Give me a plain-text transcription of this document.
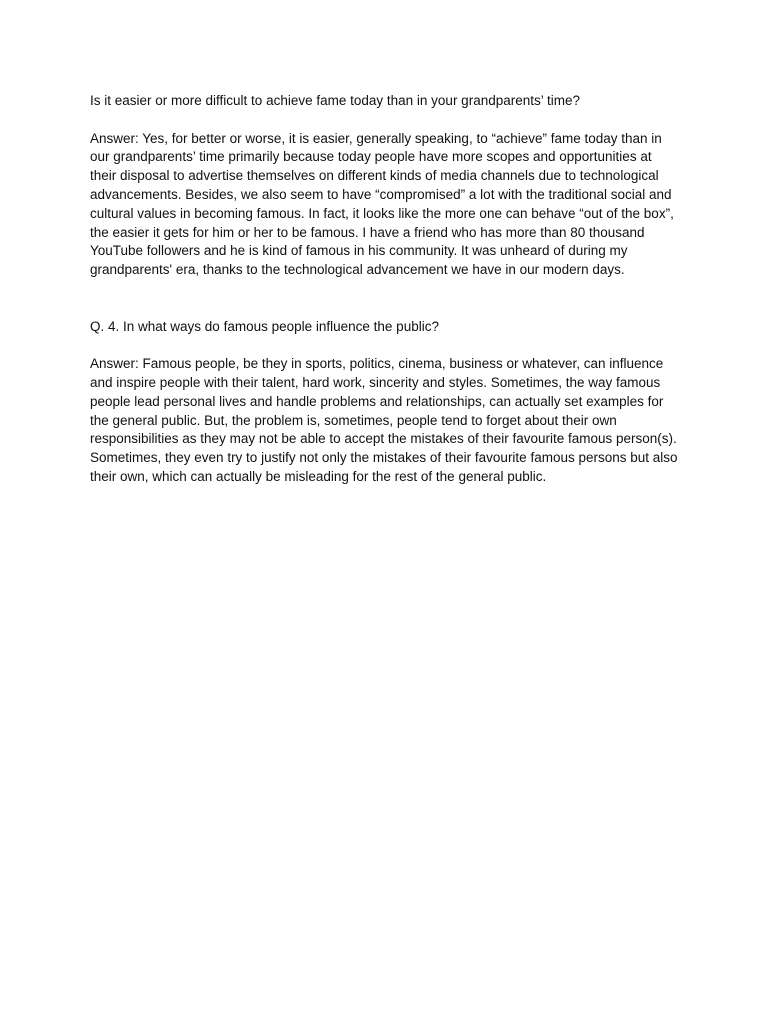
Is it easier or more difficult to achieve fame today than in your grandparents’ time?

Answer: Yes, for better or worse, it is easier, generally speaking, to “achieve” fame today than in our grandparents’ time primarily because today people have more scopes and opportunities at their disposal to advertise themselves on different kinds of media channels due to technological advancements. Besides, we also seem to have “compromised” a lot with the traditional social and cultural values in becoming famous. In fact, it looks like the more one can behave “out of the box”, the easier it gets for him or her to be famous. I have a friend who has more than 80 thousand YouTube followers and he is kind of famous in his community. It was unheard of during my grandparents' era, thanks to the technological advancement we have in our modern days.

Q. 4. In what ways do famous people influence the public?

Answer: Famous people, be they in sports, politics, cinema, business or whatever, can influence and inspire people with their talent, hard work, sincerity and styles. Sometimes, the way famous people lead personal lives and handle problems and relationships, can actually set examples for the general public. But, the problem is, sometimes, people tend to forget about their own responsibilities as they may not be able to accept the mistakes of their favourite famous person(s). Sometimes, they even try to justify not only the mistakes of their favourite famous persons but also their own, which can actually be misleading for the rest of the general public.
